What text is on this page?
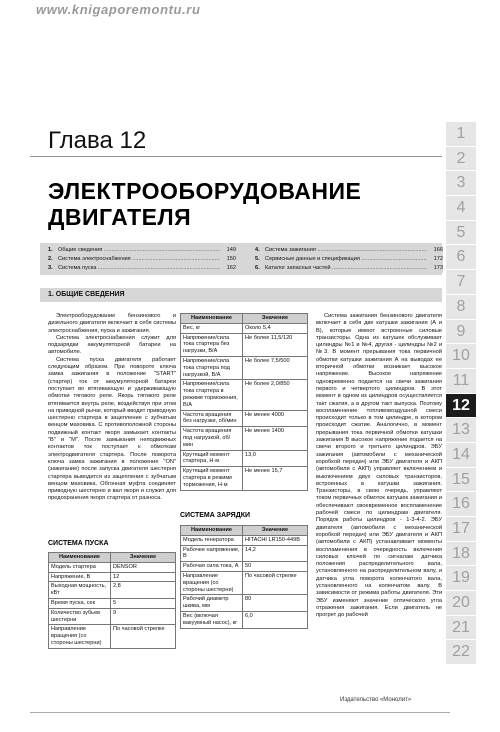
www.knigaporemontu.ru
Глава 12
ЭЛЕКТРООБОРУДОВАНИЕ
ДВИГАТЕЛЯ
1. Общие сведения .....	149
2. Система электроснабжения .....	150
3. Система пуска .....	162
4. Система зажигания .....	166
5. Сервисные данные и спецификация .....	172
6. Каталог запасных частей .....	173
1. ОБЩИЕ СВЕДЕНИЯ

Электрооборудование бензинового и дизельного двигателя включает в себя системы электроснабжения, пуска и зажигания.

Система электроснабжения служит для подзарядки аккумуляторной батареи на автомобиле.

Система пуска двигателя работает следующим образом. При повороте ключа замка зажигания в положение "START" (стартер) ток от аккумуляторной батареи поступает во втягивающую и удерживающую обмотки тягового реле. Якорь тягового реле втягивается внутрь реле, воздействуя при этом на приводной рычаг, который вводит приводную шестерню стартера в зацепление с зубчатым венцом маховика. С противоположной стороны подвижный контакт якоря замыкает контакты "В" и "М". После замыкания неподвижных контактов ток поступает к обмоткам электродвигателя стартера. После поворота ключа замка зажигания в положение "ON" (зажигание) после запуска двигателя шестерня стартера выводится из зацепления с зубчатым венцом маховика. Обгонная муфта соединяет приводную шестерню и вал якоря и служит для предохранения якоря стартера от разноса.

СИСТЕМА ПУСКА
Наименование	Значение
Модель стартера	DENSOR
Напряжение, В	12
Выходная мощность, кВт	2,8
Время пуска, сек	5
Количество зубьев шестерни	9
Направление вращения (со стороны шестерни)	По часовой стрелке
Наименование	Значение
Вес, кг	Около 5,4
Напряжение/сила тока стартера без нагрузки, В/А	Не более 11,5/120
Напряжение/сила тока стартера под нагрузкой, В/А	Не более 7,5/500
Напряжение/сила тока стартера в режиме торможения, В/А	Не более 2,0/850
Частота вращения без нагрузки, об/мин	Не менее 4000
Частота вращения под нагрузкой, об/мин	Не менее 1400
Крутящий момент стартера, Н·м	13,0
Крутящий момент стартера в режиме торможения, Н·м	Не менее 15,7
СИСТЕМА ЗАРЯДКИ
Наименование	Значение
Модель генератора	HITACHI LR150-449B
Рабочее напряжение, В	14,2
Рабочая сила тока, А	50
Направление вращения (со стороны шестерни)	По часовой стрелке
Рабочий диаметр шкива, мм	80
Вес (включая вакуумный насос), кг	6,0

Система зажигания бензинового двигателя включает в себя две катушки зажигания (А и В), которые имеют встроенные силовые транзисторы. Одна из катушек обслуживает цилиндры №1 и №4, другая - цилиндры №2 и №3. В момент прерывания тока первичной обмотки катушки зажигания А на выводах ее вторичной обмотки возникает высокое напряжение. Высокое напряжение одновременно подается на свечи зажигания первого и четвертого цилиндров. В этот момент в одном из цилиндров осуществляется такт сжатия, а в другом такт выпуска. Поэтому воспламенение топливовоздушной смеси происходит только в том цилиндре, в котором происходит сжатие. Аналогично, в момент прерывания тока первичной обмотки катушки зажигания В высокое напряжение подается на свечи второго и третьего цилиндров. ЭБУ зажигания (автомобили с механической коробкой передач) или ЭБУ двигателя и АКП (автомобили с АКП) управляет включением и выключением двух силовых транзисторов, встроенных в катушки зажигания. Транзисторы, в свою очередь, управляют током первичных обмоток катушек зажигания и обеспечивают своевременное воспламенение рабочей смеси по цилиндрам двигателя. Порядок работы цилиндров - 1-3-4-2. ЭБУ двигателя (автомобили с механической коробкой передач) или ЭБУ двигателя и АКП (автомобили с АКП) устанавливает моменты воспламенения в очередность включения силовых ключей по сигналам датчика положения распределительного вала, установленного на распределительном валу, и датчика угла поворота коленчатого вала, установленного на коленчатом валу. В зависимости от режима работы двигателя. Эти ЭБУ изменяют значение оптического угла отражения зажигания. Если двигатель не прогрет до рабочей

1
2
3
4
5
6
7
8
9
10
11
12
13
14
15
16
17
18
19
20
21
22
Издательство «Монолит»
